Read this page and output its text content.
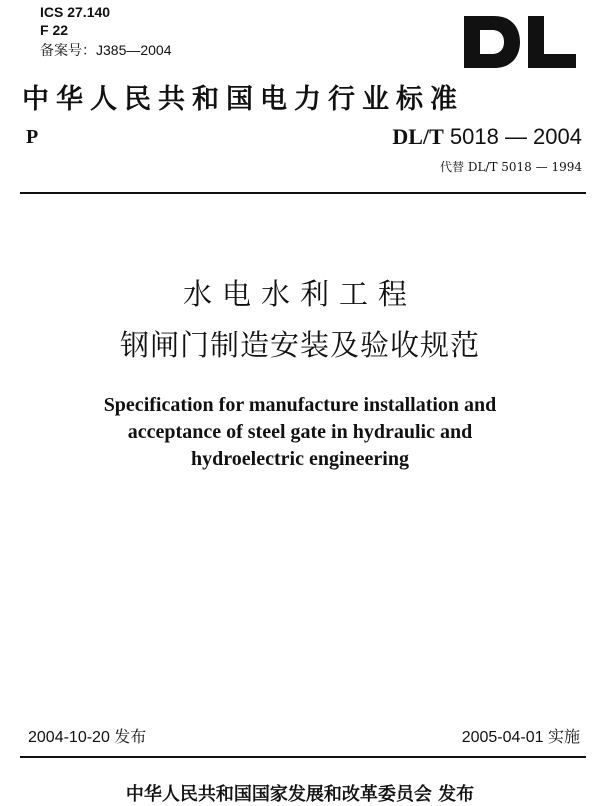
ICS 27.140
F 22
备案号：J385—2004
DL
中华人民共和国电力行业标准
P	DL/T 5018 — 2004
代替 DL/T 5018 — 1994
水电水利工程
钢闸门制造安装及验收规范
Specification for manufacture installation and
acceptance of steel gate in hydraulic and
hydroelectric engineering
2004-10-20 发布	2005-04-01 实施
中华人民共和国国家发展和改革委员会 发布
